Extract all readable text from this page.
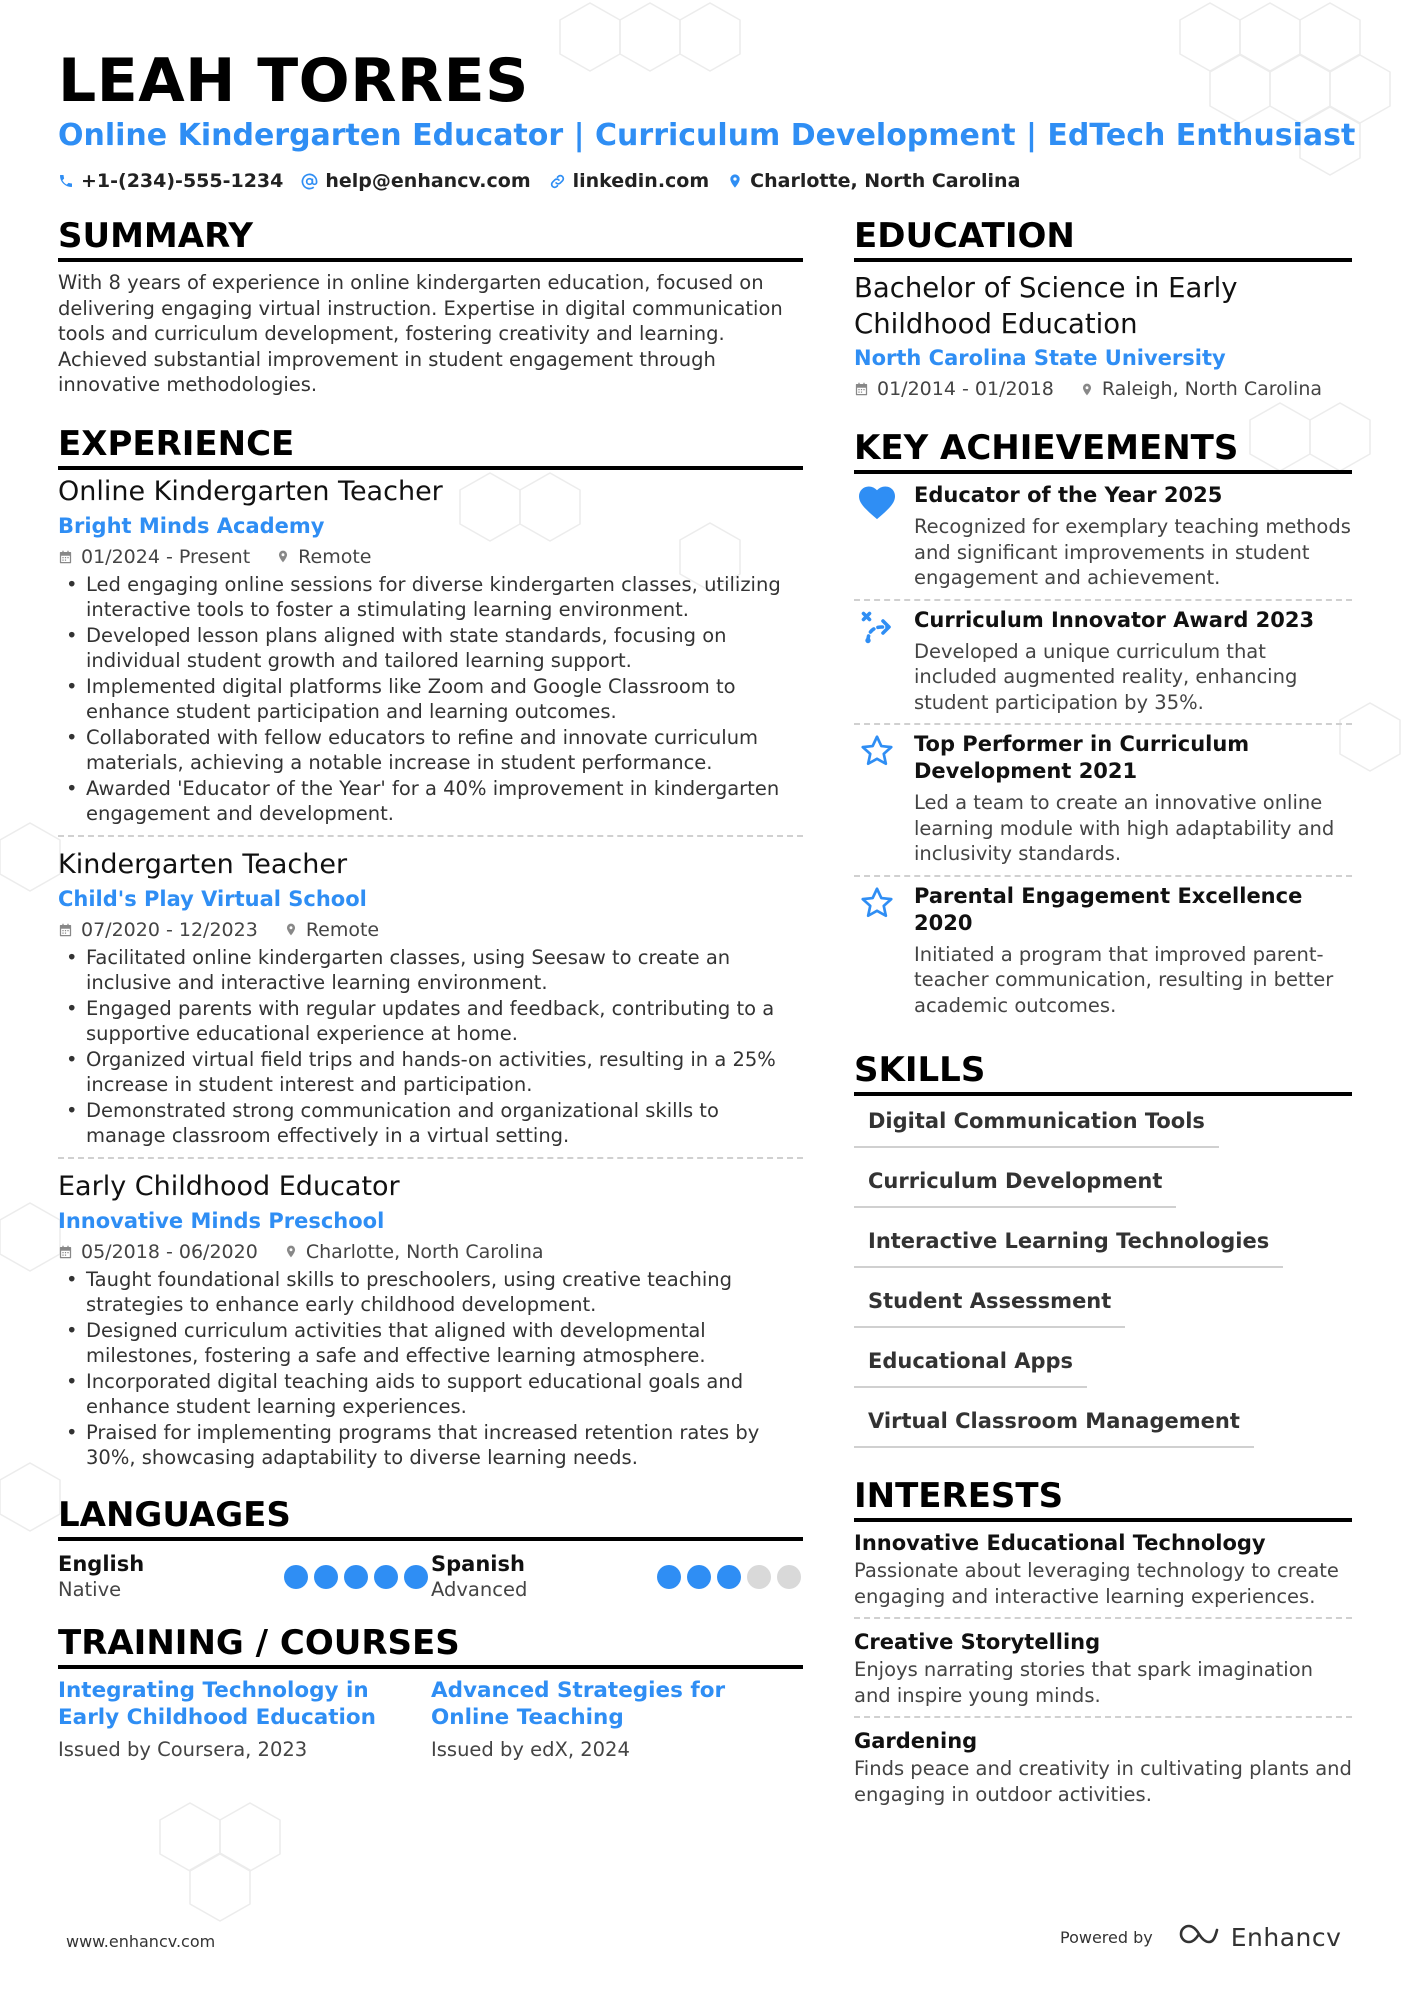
LEAH TORRES
Online Kindergarten Educator | Curriculum Development | EdTech Enthusiast
+1-(234)-555-1234 help@enhancv.com linkedin.com Charlotte, North Carolina
SUMMARY
With 8 years of experience in online kindergarten education, focused on delivering engaging virtual instruction. Expertise in digital communication tools and curriculum development, fostering creativity and learning. Achieved substantial improvement in student engagement through innovative methodologies.
EXPERIENCE
Online Kindergarten Teacher
Bright Minds Academy
01/2024 - Present	Remote
• Led engaging online sessions for diverse kindergarten classes, utilizing interactive tools to foster a stimulating learning environment.
• Developed lesson plans aligned with state standards, focusing on individual student growth and tailored learning support.
• Implemented digital platforms like Zoom and Google Classroom to enhance student participation and learning outcomes.
• Collaborated with fellow educators to refine and innovate curriculum materials, achieving a notable increase in student performance.
• Awarded 'Educator of the Year' for a 40% improvement in kindergarten engagement and development.
Kindergarten Teacher
Child's Play Virtual School
07/2020 - 12/2023	Remote
• Facilitated online kindergarten classes, using Seesaw to create an inclusive and interactive learning environment.
• Engaged parents with regular updates and feedback, contributing to a supportive educational experience at home.
• Organized virtual field trips and hands-on activities, resulting in a 25% increase in student interest and participation.
• Demonstrated strong communication and organizational skills to manage classroom effectively in a virtual setting.
Early Childhood Educator
Innovative Minds Preschool
05/2018 - 06/2020	Charlotte, North Carolina
• Taught foundational skills to preschoolers, using creative teaching strategies to enhance early childhood development.
• Designed curriculum activities that aligned with developmental milestones, fostering a safe and effective learning atmosphere.
• Incorporated digital teaching aids to support educational goals and enhance student learning experiences.
• Praised for implementing programs that increased retention rates by 30%, showcasing adaptability to diverse learning needs.
LANGUAGES
English
Native
Spanish
Advanced
TRAINING / COURSES
Integrating Technology in Early Childhood Education
Issued by Coursera, 2023
Advanced Strategies for Online Teaching
Issued by edX, 2024
EDUCATION
Bachelor of Science in Early Childhood Education
North Carolina State University
01/2014 - 01/2018	Raleigh, North Carolina
KEY ACHIEVEMENTS
Educator of the Year 2025
Recognized for exemplary teaching methods and significant improvements in student engagement and achievement.
Curriculum Innovator Award 2023
Developed a unique curriculum that included augmented reality, enhancing student participation by 35%.
Top Performer in Curriculum Development 2021
Led a team to create an innovative online learning module with high adaptability and inclusivity standards.
Parental Engagement Excellence 2020
Initiated a program that improved parent-teacher communication, resulting in better academic outcomes.
SKILLS
Digital Communication Tools
Curriculum Development
Interactive Learning Technologies
Student Assessment
Educational Apps
Virtual Classroom Management
INTERESTS
Innovative Educational Technology
Passionate about leveraging technology to create engaging and interactive learning experiences.
Creative Storytelling
Enjoys narrating stories that spark imagination and inspire young minds.
Gardening
Finds peace and creativity in cultivating plants and engaging in outdoor activities.
www.enhancv.com	Powered by	Enhancv
